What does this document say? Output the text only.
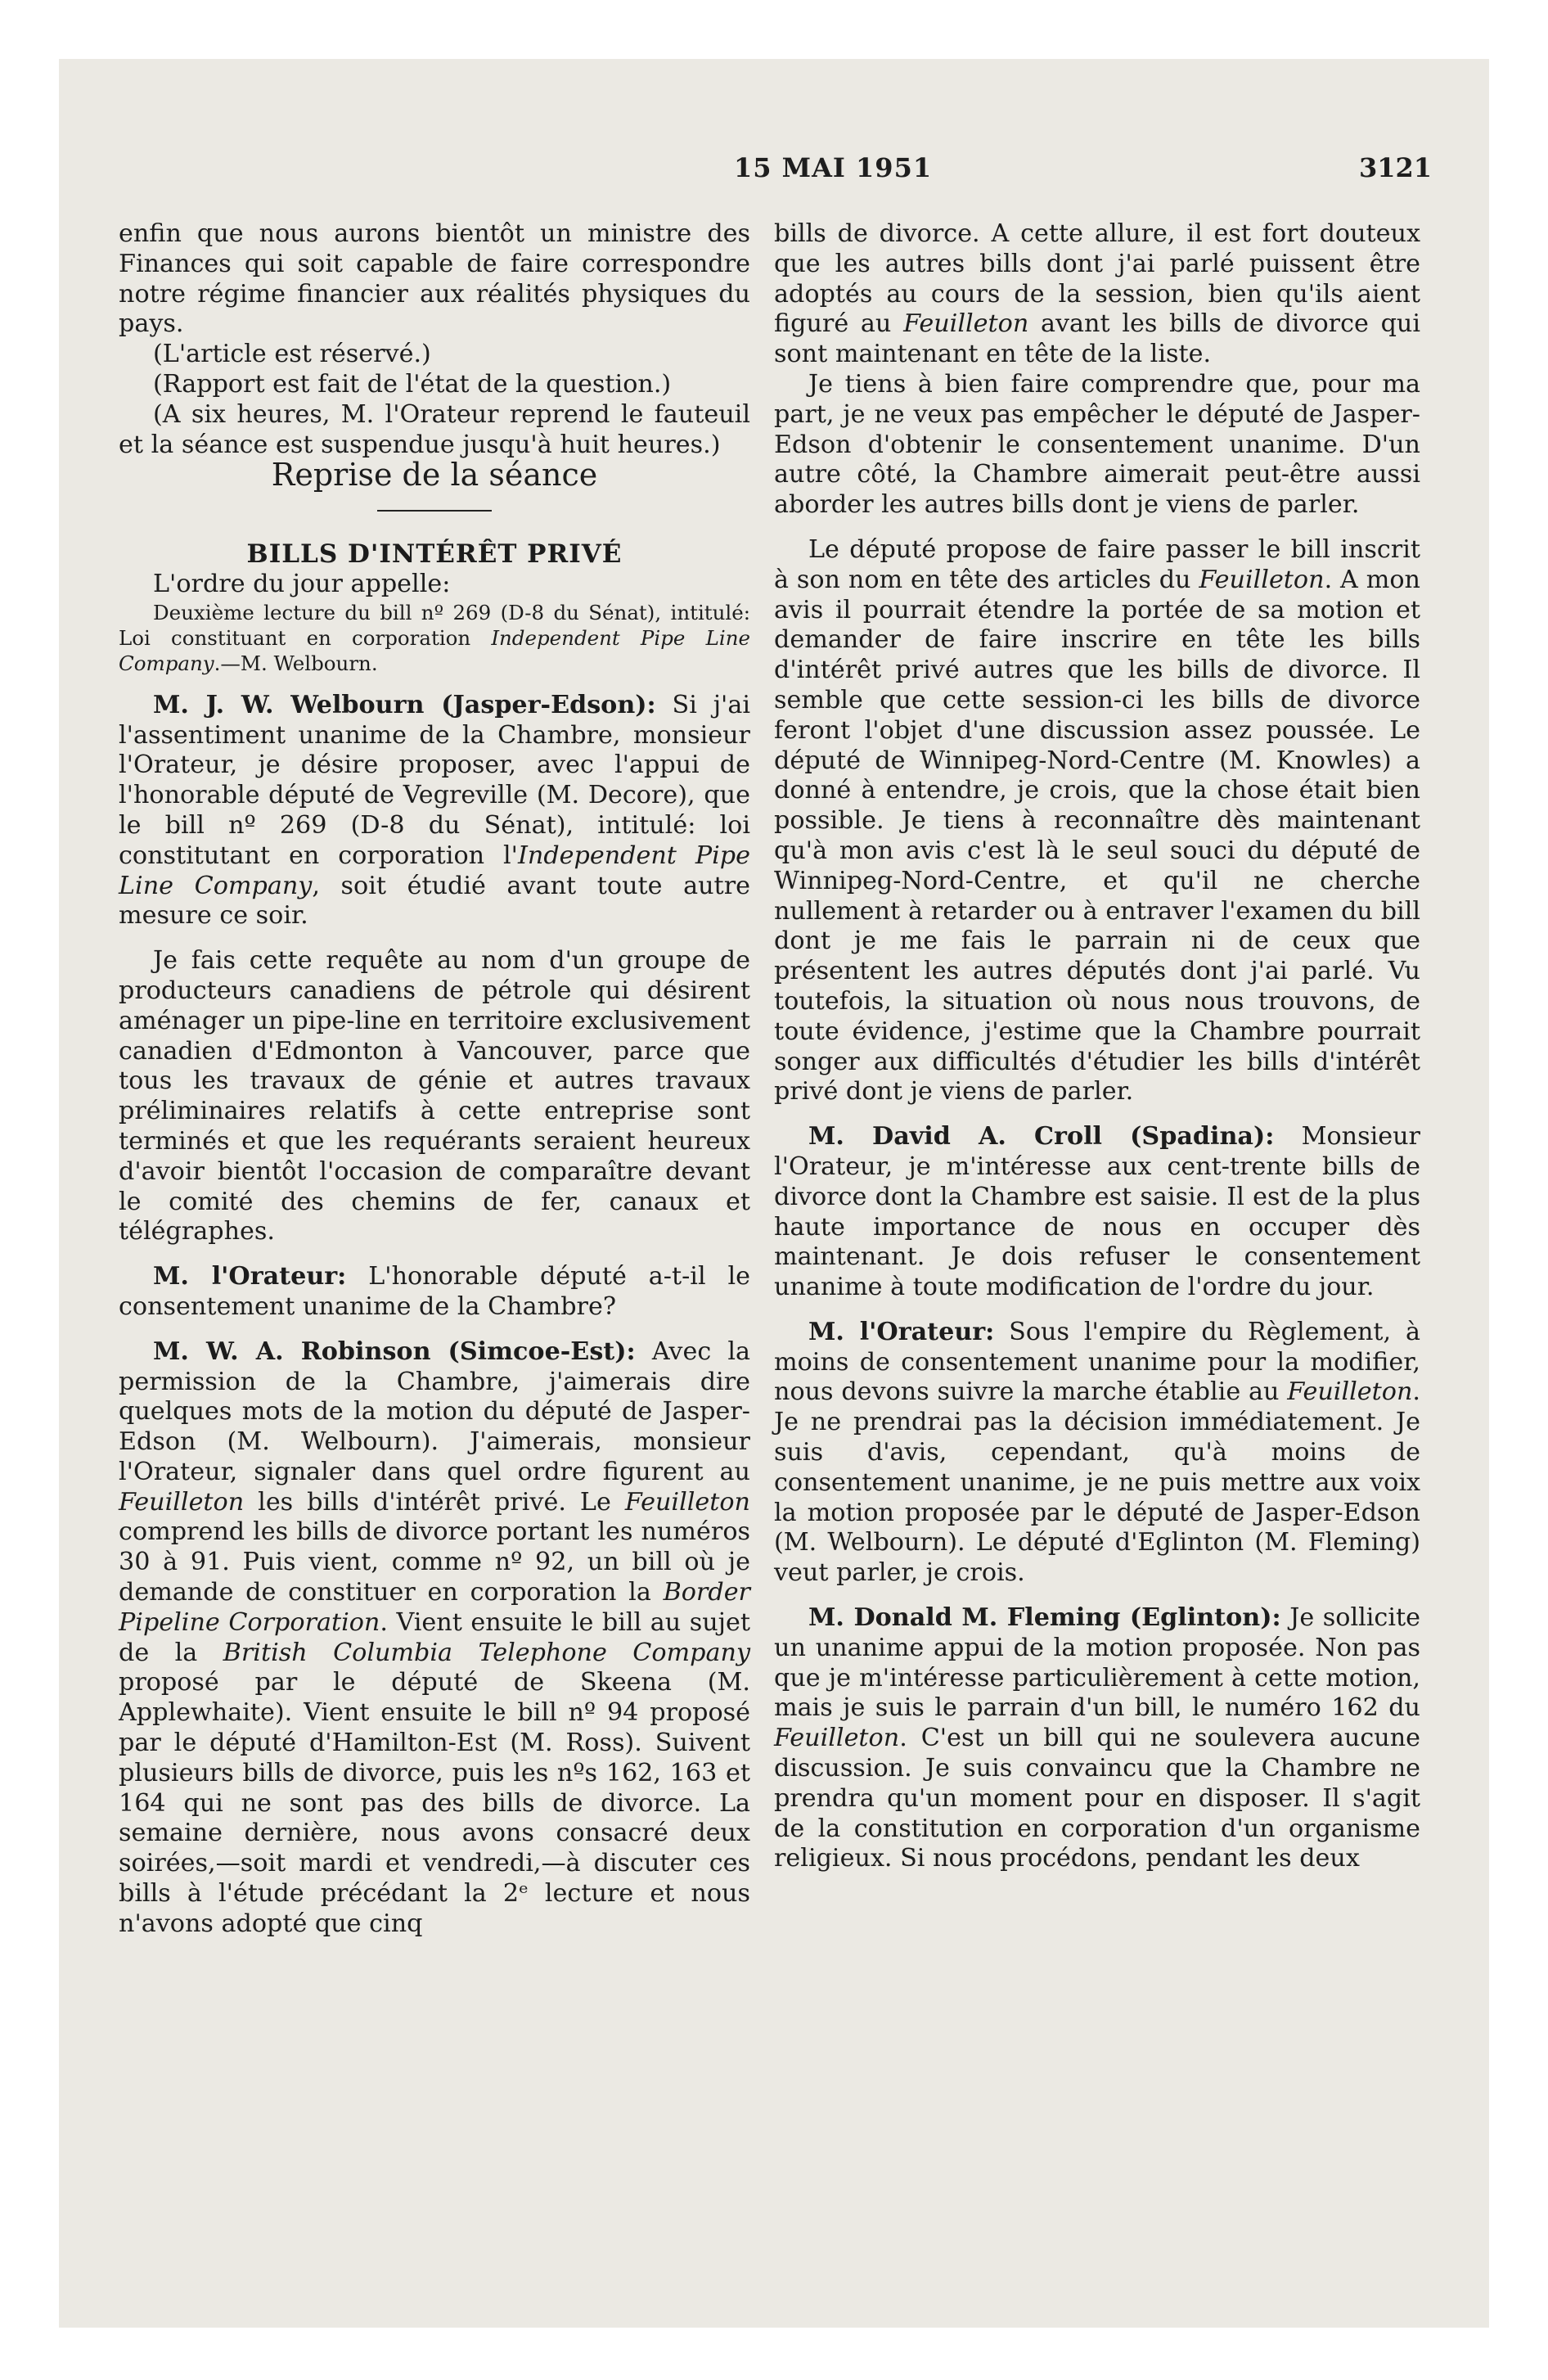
15 MAI 1951	3121

enfin que nous aurons bientôt un ministre des Finances qui soit capable de faire correspondre notre régime financier aux réalités physiques du pays.

(L'article est réservé.)

(Rapport est fait de l'état de la question.)

(A six heures, M. l'Orateur reprend le fauteuil et la séance est suspendue jusqu'à huit heures.)

Reprise de la séance

BILLS D'INTÉRÊT PRIVÉ

L'ordre du jour appelle:

Deuxième lecture du bill nº 269 (D-8 du Sénat), intitulé: Loi constituant en corporation Independent Pipe Line Company.—M. Welbourn.

M. J. W. Welbourn (Jasper-Edson): Si j'ai l'assentiment unanime de la Chambre, monsieur l'Orateur, je désire proposer, avec l'appui de l'honorable député de Vegreville (M. Decore), que le bill nº 269 (D-8 du Sénat), intitulé: loi constitutant en corporation l'Independent Pipe Line Company, soit étudié avant toute autre mesure ce soir.

Je fais cette requête au nom d'un groupe de producteurs canadiens de pétrole qui désirent aménager un pipe-line en territoire exclusivement canadien d'Edmonton à Vancouver, parce que tous les travaux de génie et autres travaux préliminaires relatifs à cette entreprise sont terminés et que les requérants seraient heureux d'avoir bientôt l'occasion de comparaître devant le comité des chemins de fer, canaux et télégraphes.

M. l'Orateur: L'honorable député a-t-il le consentement unanime de la Chambre?

M. W. A. Robinson (Simcoe-Est): Avec la permission de la Chambre, j'aimerais dire quelques mots de la motion du député de Jasper-Edson (M. Welbourn). J'aimerais, monsieur l'Orateur, signaler dans quel ordre figurent au Feuilleton les bills d'intérêt privé. Le Feuilleton comprend les bills de divorce portant les numéros 30 à 91. Puis vient, comme nº 92, un bill où je demande de constituer en corporation la Border Pipeline Corporation. Vient ensuite le bill au sujet de la British Columbia Telephone Company proposé par le député de Skeena (M. Applewhaite). Vient ensuite le bill nº 94 proposé par le député d'Hamilton-Est (M. Ross). Suivent plusieurs bills de divorce, puis les nºs 162, 163 et 164 qui ne sont pas des bills de divorce. La semaine dernière, nous avons consacré deux soirées,—soit mardi et vendredi,—à discuter ces bills à l'étude précédant la 2ᵉ lecture et nous n'avons adopté que cinq

bills de divorce. A cette allure, il est fort douteux que les autres bills dont j'ai parlé puissent être adoptés au cours de la session, bien qu'ils aient figuré au Feuilleton avant les bills de divorce qui sont maintenant en tête de la liste.

Je tiens à bien faire comprendre que, pour ma part, je ne veux pas empêcher le député de Jasper-Edson d'obtenir le consentement unanime. D'un autre côté, la Chambre aimerait peut-être aussi aborder les autres bills dont je viens de parler.

Le député propose de faire passer le bill inscrit à son nom en tête des articles du Feuilleton. A mon avis il pourrait étendre la portée de sa motion et demander de faire inscrire en tête les bills d'intérêt privé autres que les bills de divorce. Il semble que cette session-ci les bills de divorce feront l'objet d'une discussion assez poussée. Le député de Winnipeg-Nord-Centre (M. Knowles) a donné à entendre, je crois, que la chose était bien possible. Je tiens à reconnaître dès maintenant qu'à mon avis c'est là le seul souci du député de Winnipeg-Nord-Centre, et qu'il ne cherche nullement à retarder ou à entraver l'examen du bill dont je me fais le parrain ni de ceux que présentent les autres députés dont j'ai parlé. Vu toutefois, la situation où nous nous trouvons, de toute évidence, j'estime que la Chambre pourrait songer aux difficultés d'étudier les bills d'intérêt privé dont je viens de parler.

M. David A. Croll (Spadina): Monsieur l'Orateur, je m'intéresse aux cent-trente bills de divorce dont la Chambre est saisie. Il est de la plus haute importance de nous en occuper dès maintenant. Je dois refuser le consentement unanime à toute modification de l'ordre du jour.

M. l'Orateur: Sous l'empire du Règlement, à moins de consentement unanime pour la modifier, nous devons suivre la marche établie au Feuilleton. Je ne prendrai pas la décision immédiatement. Je suis d'avis, cependant, qu'à moins de consentement unanime, je ne puis mettre aux voix la motion proposée par le député de Jasper-Edson (M. Welbourn). Le député d'Eglinton (M. Fleming) veut parler, je crois.

M. Donald M. Fleming (Eglinton): Je sollicite un unanime appui de la motion proposée. Non pas que je m'intéresse particulièrement à cette motion, mais je suis le parrain d'un bill, le numéro 162 du Feuilleton. C'est un bill qui ne soulevera aucune discussion. Je suis convaincu que la Chambre ne prendra qu'un moment pour en disposer. Il s'agit de la constitution en corporation d'un organisme religieux. Si nous procédons, pendant les deux
